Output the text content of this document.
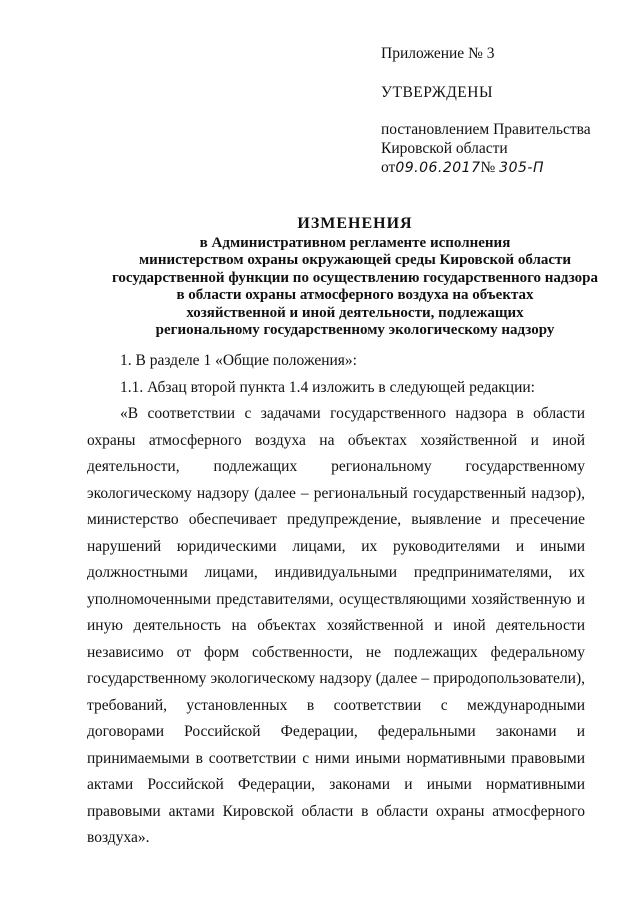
Приложение № 3
УТВЕРЖДЕНЫ
постановлением Правительства
Кировской области
от09.06.2017№ 305-П
ИЗМЕНЕНИЯ
в Административном регламенте исполнения
министерством охраны окружающей среды Кировской области
государственной функции по осуществлению государственного надзора
в области охраны атмосферного воздуха на объектах
хозяйственной и иной деятельности, подлежащих
региональному государственному экологическому надзору

1. В разделе 1 «Общие положения»:

1.1. Абзац второй пункта 1.4 изложить в следующей редакции:

«В соответствии с задачами государственного надзора в области охраны атмосферного воздуха на объектах хозяйственной и иной деятельности, подлежащих региональному государственному экологическому надзору (далее – региональный государственный надзор), министерство обеспечивает предупреждение, выявление и пресечение нарушений юридическими лицами, их руководителями и иными должностными лицами, индивидуальными предпринимателями, их уполномоченными представителями, осуществляющими хозяйственную и иную деятельность на объектах хозяйственной и иной деятельности независимо от форм собственности, не подлежащих федеральному государственному экологическому надзору (далее – природопользователи), требований, установленных в соответствии с международными договорами Российской Федерации, федеральными законами и принимаемыми в соответствии с ними иными нормативными правовыми актами Российской Федерации, законами и иными нормативными правовыми актами Кировской области в области охраны атмосферного воздуха».
